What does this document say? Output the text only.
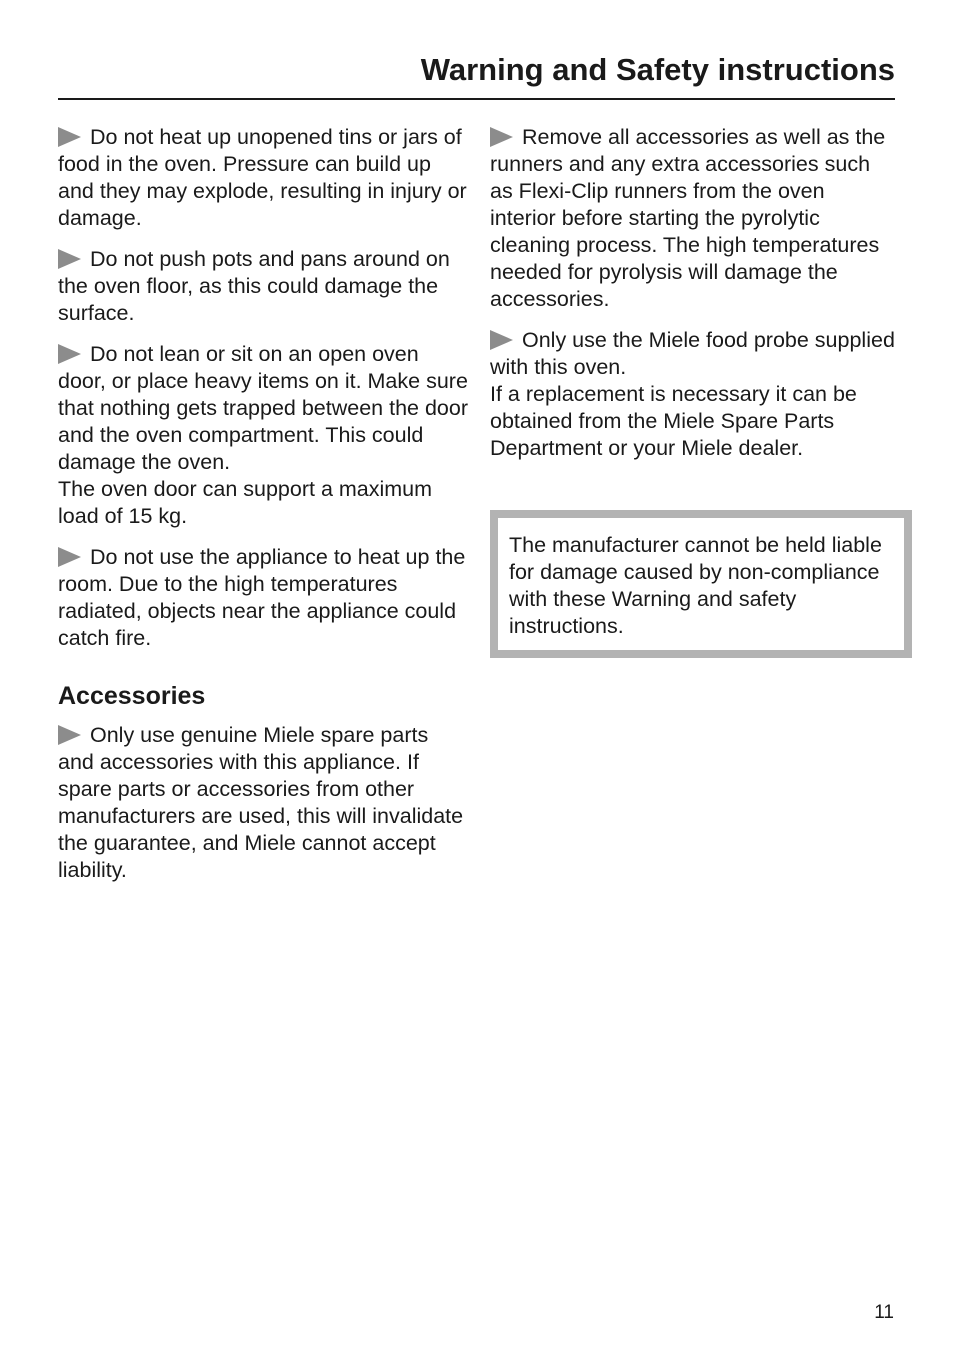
Warning and Safety instructions

Do not heat up unopened tins or jars of food in the oven. Pressure can build up and they may explode, resulting in injury or damage.

Do not push pots and pans around on the oven floor, as this could damage the surface.

Do not lean or sit on an open oven door, or place heavy items on it. Make sure that nothing gets trapped between the door and the oven compartment. This could damage the oven.

The oven door can support a maximum load of 15 kg.

Do not use the appliance to heat up the room. Due to the high temperatures radiated, objects near the appliance could catch fire.

Accessories

Only use genuine Miele spare parts and accessories with this appliance. If spare parts or accessories from other manufacturers are used, this will invalidate the guarantee, and Miele cannot accept liability.

Remove all accessories as well as the runners and any extra accessories such as Flexi-Clip runners from the oven interior before starting the pyrolytic cleaning process. The high temperatures needed for pyrolysis will damage the accessories.

Only use the Miele food probe supplied with this oven.

If a replacement is necessary it can be obtained from the Miele Spare Parts Department or your Miele dealer.

The manufacturer cannot be held liable for damage caused by non-compliance with these Warning and safety instructions.
11
